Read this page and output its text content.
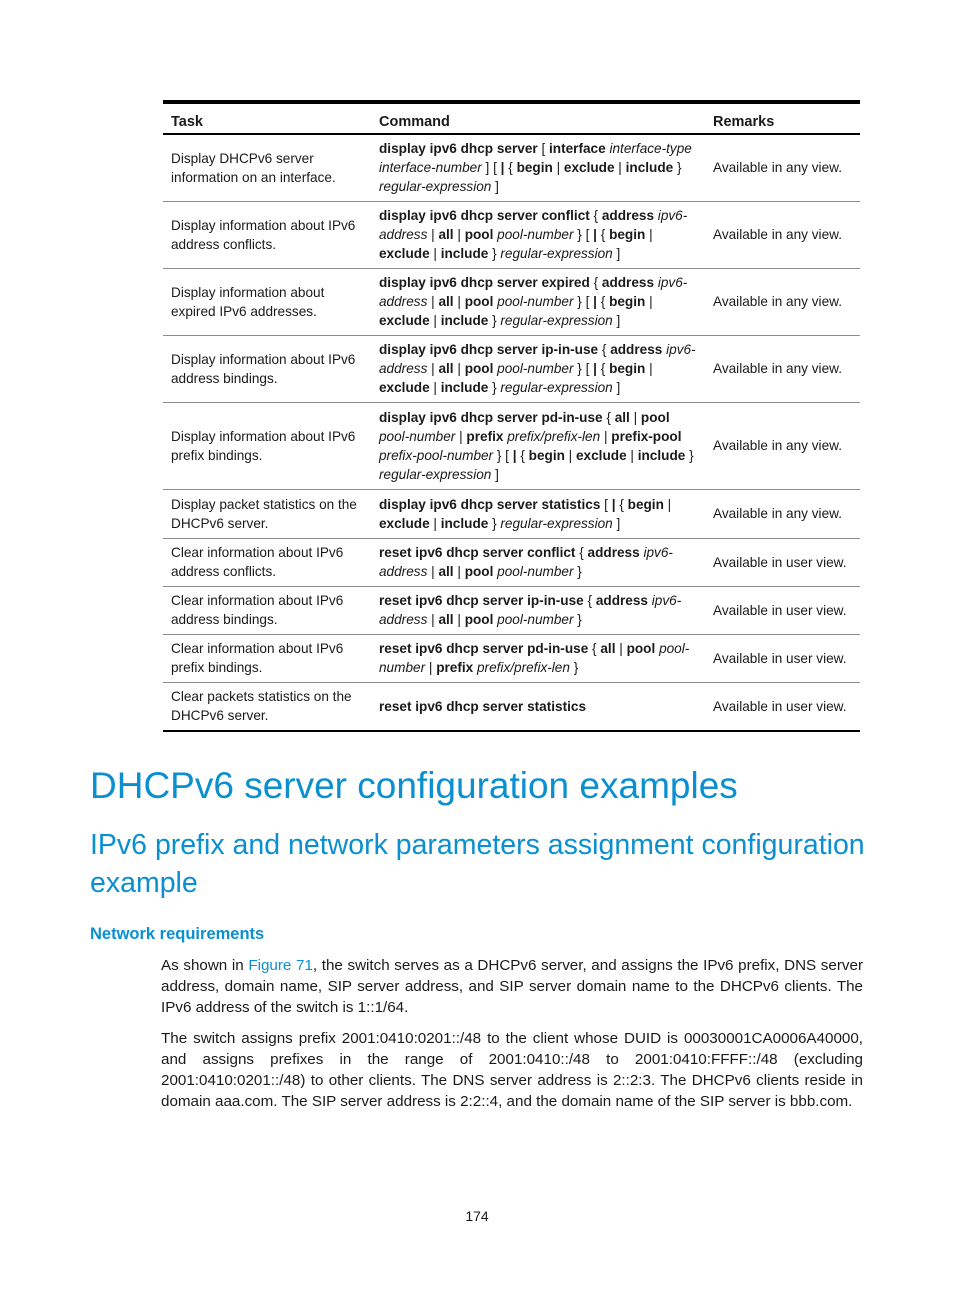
Task	Command	Remarks
Display DHCPv6 server information on an interface.	display ipv6 dhcp server [ interface interface-type interface-number ] [ | { begin | exclude | include } regular-expression ]	Available in any view.
Display information about IPv6 address conflicts.	display ipv6 dhcp server conflict { address ipv6-address | all | pool pool-number } [ | { begin | exclude | include } regular-expression ]	Available in any view.
Display information about expired IPv6 addresses.	display ipv6 dhcp server expired { address ipv6-address | all | pool pool-number } [ | { begin | exclude | include } regular-expression ]	Available in any view.
Display information about IPv6 address bindings.	display ipv6 dhcp server ip-in-use { address ipv6-address | all | pool pool-number } [ | { begin | exclude | include } regular-expression ]	Available in any view.
Display information about IPv6 prefix bindings.	display ipv6 dhcp server pd-in-use { all | pool pool-number | prefix prefix/prefix-len | prefix-pool prefix-pool-number } [ | { begin | exclude | include } regular-expression ]	Available in any view.
Display packet statistics on the DHCPv6 server.	display ipv6 dhcp server statistics [ | { begin | exclude | include } regular-expression ]	Available in any view.
Clear information about IPv6 address conflicts.	reset ipv6 dhcp server conflict { address ipv6-address | all | pool pool-number }	Available in user view.
Clear information about IPv6 address bindings.	reset ipv6 dhcp server ip-in-use { address ipv6-address | all | pool pool-number }	Available in user view.
Clear information about IPv6 prefix bindings.	reset ipv6 dhcp server pd-in-use { all | pool pool-number | prefix prefix/prefix-len }	Available in user view.
Clear packets statistics on the DHCPv6 server.	reset ipv6 dhcp server statistics	Available in user view.
DHCPv6 server configuration examples
IPv6 prefix and network parameters assignment configuration example
Network requirements

As shown in Figure 71, the switch serves as a DHCPv6 server, and assigns the IPv6 prefix, DNS server address, domain name, SIP server address, and SIP server domain name to the DHCPv6 clients. The IPv6 address of the switch is 1::1/64.

The switch assigns prefix 2001:0410:0201::/48 to the client whose DUID is 00030001CA0006A40000, and assigns prefixes in the range of 2001:0410::/48 to 2001:0410:FFFF::/48 (excluding 2001:0410:0201::/48) to other clients. The DNS server address is 2::2:3. The DHCPv6 clients reside in domain aaa.com. The SIP server address is 2:2::4, and the domain name of the SIP server is bbb.com.

174
